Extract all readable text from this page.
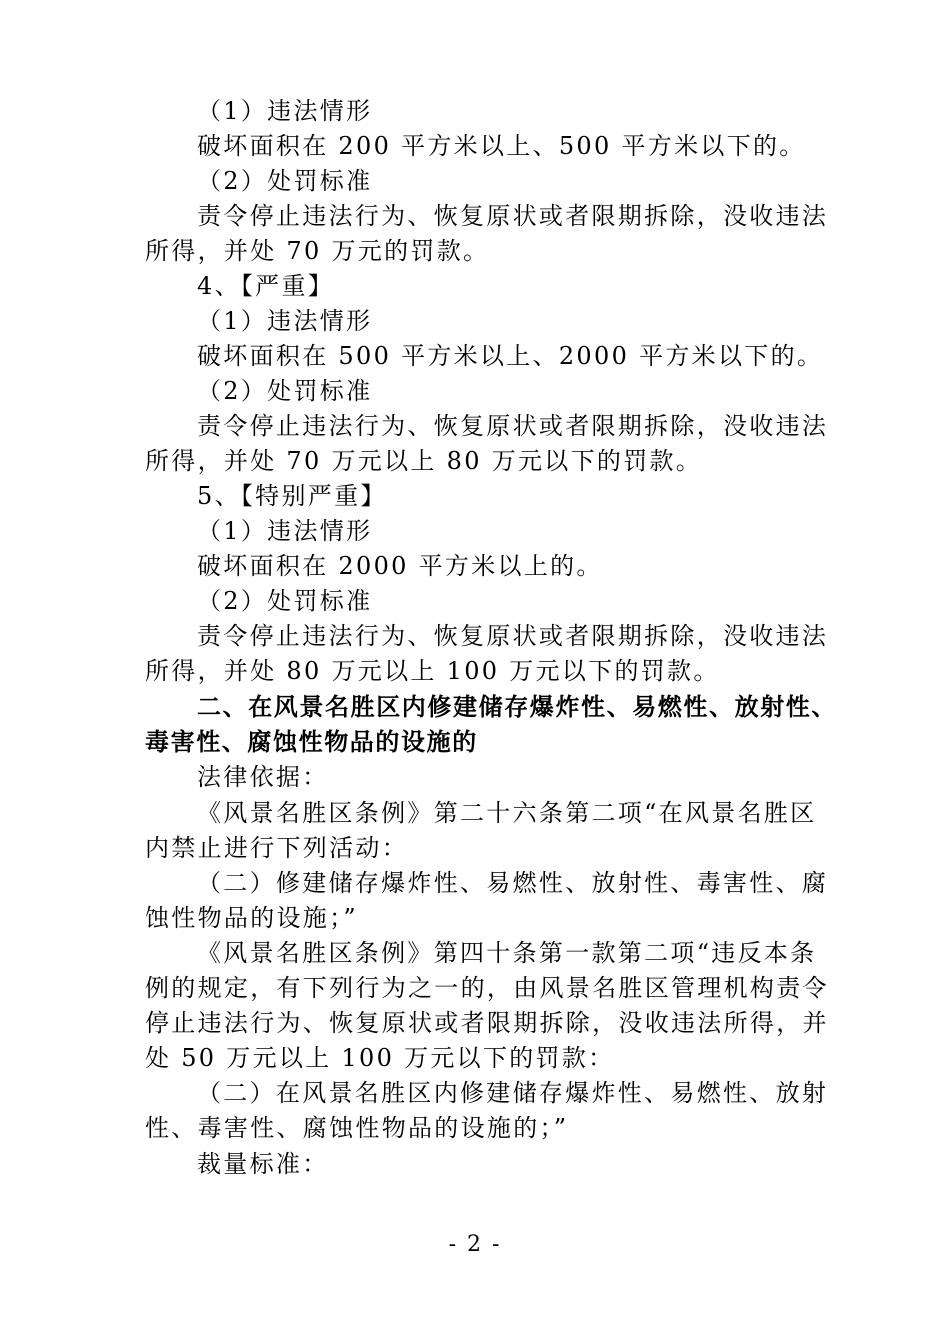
（1）违法情形
破坏面积在 200 平方米以上、500 平方米以下的。
（2）处罚标准
责令停止违法行为、恢复原状或者限期拆除，没收违法
所得，并处 70 万元的罚款。
4、【严重】
（1）违法情形
破坏面积在 500 平方米以上、2000 平方米以下的。
（2）处罚标准
责令停止违法行为、恢复原状或者限期拆除，没收违法
所得，并处 70 万元以上 80 万元以下的罚款。
5、【特别严重】
（1）违法情形
破坏面积在 2000 平方米以上的。
（2）处罚标准
责令停止违法行为、恢复原状或者限期拆除，没收违法
所得，并处 80 万元以上 100 万元以下的罚款。
二、在风景名胜区内修建储存爆炸性、易燃性、放射性、
毒害性、腐蚀性物品的设施的
法律依据：
《风景名胜区条例》第二十六条第二项“在风景名胜区
内禁止进行下列活动：
（二）修建储存爆炸性、易燃性、放射性、毒害性、腐
蚀性物品的设施；”
《风景名胜区条例》第四十条第一款第二项“违反本条
例的规定，有下列行为之一的，由风景名胜区管理机构责令
停止违法行为、恢复原状或者限期拆除，没收违法所得，并
处 50 万元以上 100 万元以下的罚款：
（二）在风景名胜区内修建储存爆炸性、易燃性、放射
性、毒害性、腐蚀性物品的设施的；”
裁量标准：
- 2 -
